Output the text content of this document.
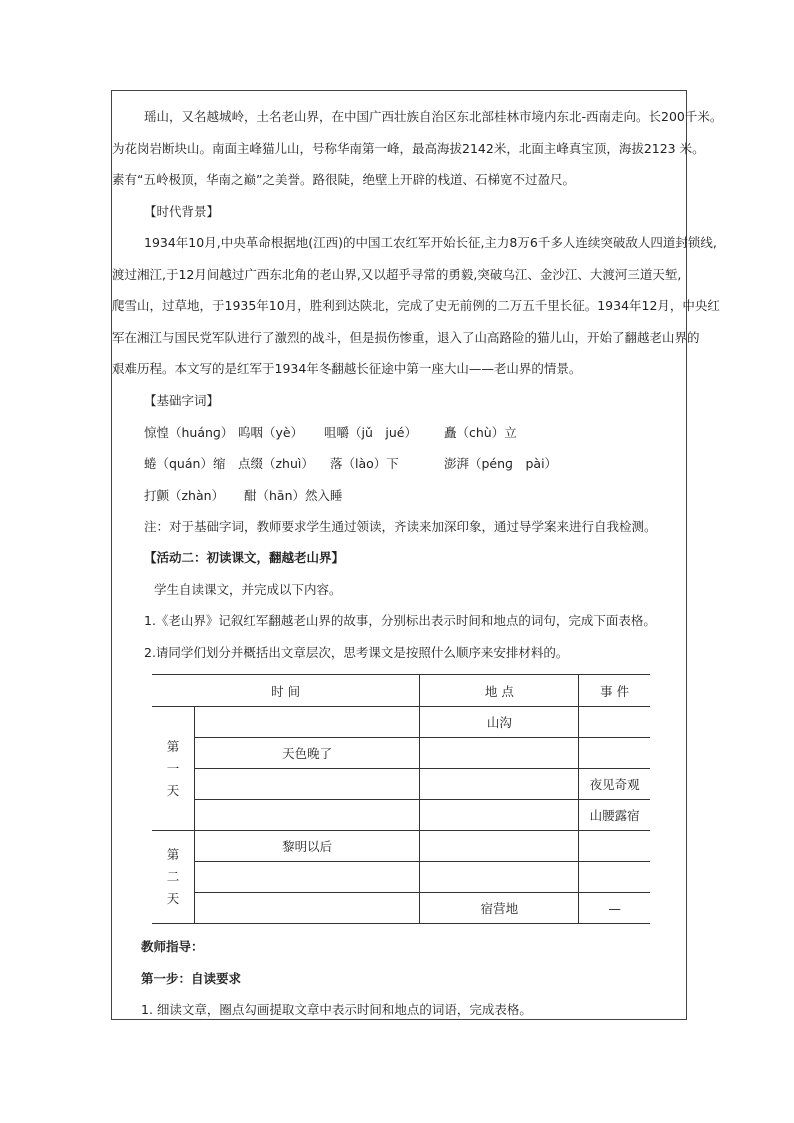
瑶山，又名越城岭，土名老山界，在中国广西壮族自治区东北部桂林市境内东北-西南走向。长200千米。

为花岗岩断块山。南面主峰猫儿山，号称华南第一峰，最高海拔2142米，北面主峰真宝顶，海拔2123 米。

素有“五岭极顶，华南之巅”之美誉。路很陡，绝壁上开辟的栈道、石梯宽不过盈尺。

【时代背景】

1934年10月,中央革命根据地(江西)的中国工农红军开始长征,主力8万6千多人连续突破敌人四道封锁线,

渡过湘江,于12月间越过广西东北角的老山界,又以超乎寻常的勇毅,突破乌江、金沙江、大渡河三道天堑,

爬雪山，过草地，于1935年10月，胜利到达陕北，完成了史无前例的二万五千里长征。1934年12月，中央红

军在湘江与国民党军队进行了激烈的战斗，但是损伤惨重，退入了山高路险的猫儿山，开始了翻越老山界的

艰难历程。本文写的是红军于1934年冬翻越长征途中第一座大山——老山界的情景。

【基础字词】

惊惶（huánɡ） 呜咽（yè）	咀嚼（jǔ　jué）	矗（chù）立
蜷（quán）缩	点缀（zhuì）	落（lào）下	澎湃（pénɡ　pài）
打颤（zhàn）	酣（hān）然入睡

注：对于基础字词，教师要求学生通过领读，齐读来加深印象，通过导学案来进行自我检测。

【活动二：初读课文，翻越老山界】

学生自读课文，并完成以下内容。

1.《老山界》记叙红军翻越老山界的故事，分别标出表示时间和地点的词句，完成下面表格。

2.请同学们划分并概括出文章层次，思考课文是按照什么顺序来安排材料的。

时 间		地 点	事 件
第一天		山沟	
	天色晚了		
			夜见奇观
			山腰露宿
第二天	黎明以后		

		宿营地	—

教师指导：

第一步：自读要求

1. 细读文章，圈点勾画提取文章中表示时间和地点的词语，完成表格。
